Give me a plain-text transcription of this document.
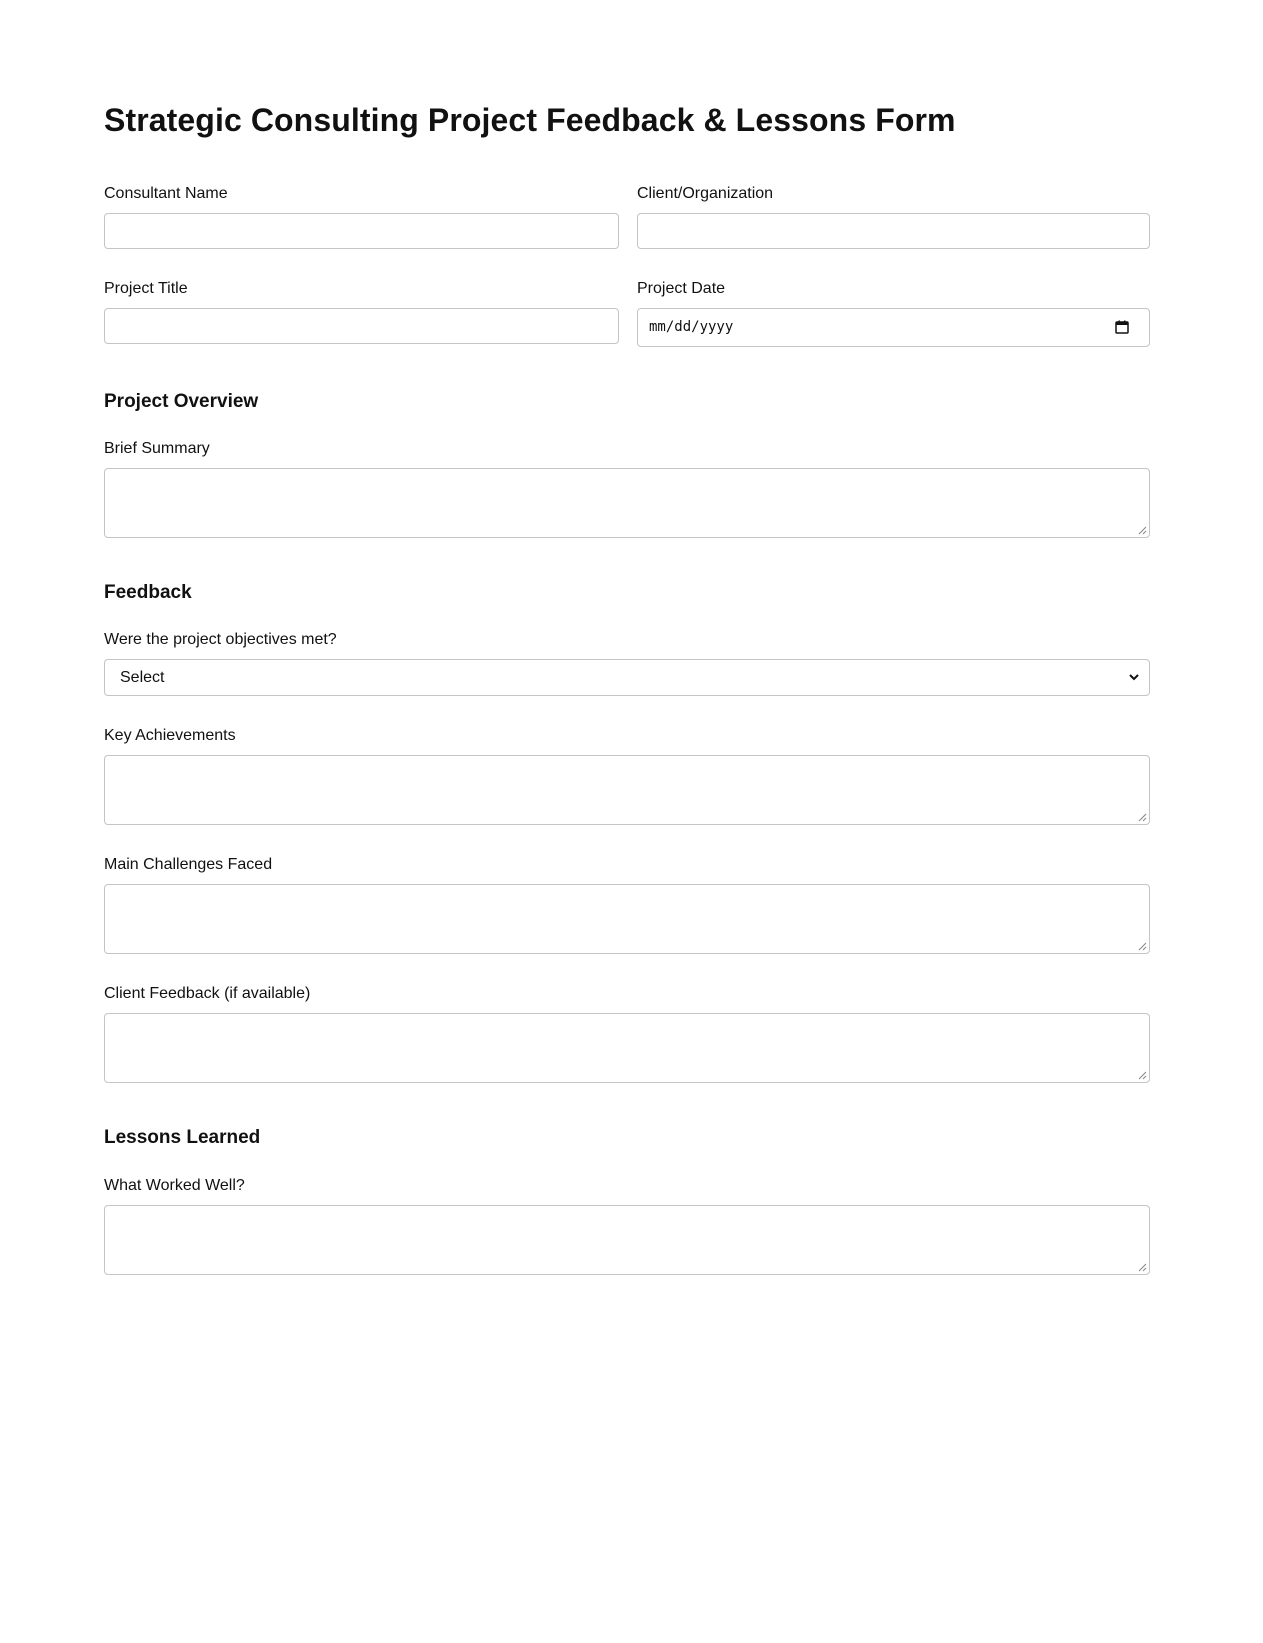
Strategic Consulting Project Feedback & Lessons Form
Consultant Name	Client/Organization
Project Title	Project Date
mm/dd/yyyy
Project Overview
Brief Summary
Feedback
Were the project objectives met?
Select
Key Achievements
Main Challenges Faced
Client Feedback (if available)
Lessons Learned
What Worked Well?
